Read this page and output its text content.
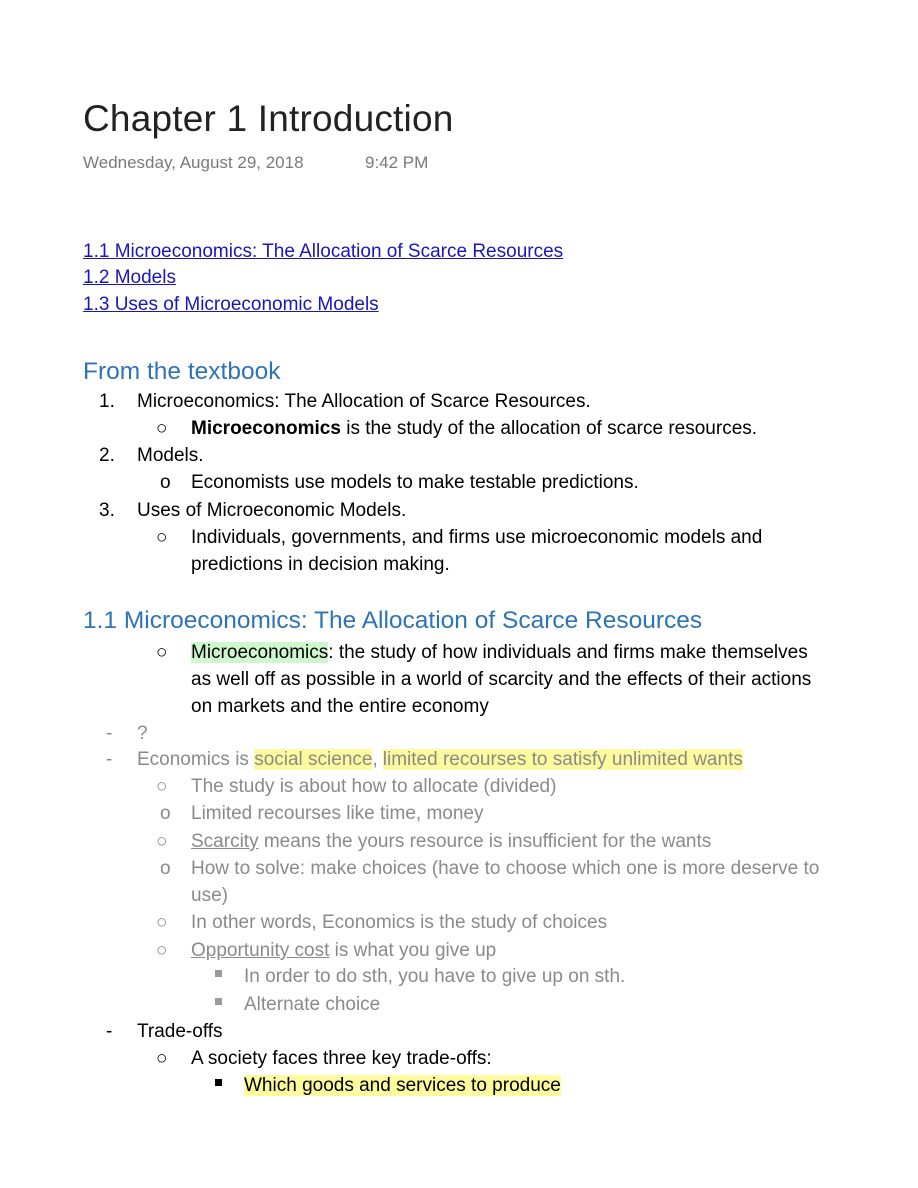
Chapter 1 Introduction
Wednesday, August 29, 2018	9:42 PM
1.1 Microeconomics: The Allocation of Scarce Resources
1.2 Models
1.3 Uses of Microeconomic Models
From the textbook
1. Microeconomics: The Allocation of Scarce Resources.
○ Microeconomics is the study of the allocation of scarce resources.
2. Models.
o Economists use models to make testable predictions.
3. Uses of Microeconomic Models.
○ Individuals, governments, and firms use microeconomic models and
predictions in decision making.
1.1 Microeconomics: The Allocation of Scarce Resources
○ Microeconomics: the study of how individuals and firms make themselves
as well off as possible in a world of scarcity and the effects of their actions
on markets and the entire economy
- ?
- Economics is social science, limited recourses to satisfy unlimited wants
○ The study is about how to allocate (divided)
o Limited recourses like time, money
○ Scarcity means the yours resource is insufficient for the wants
o How to solve: make choices (have to choose which one is more deserve to
use)
○ In other words, Economics is the study of choices
○ Opportunity cost is what you give up
In order to do sth, you have to give up on sth.
Alternate choice
- Trade-offs
○ A society faces three key trade-offs:
Which goods and services to produce
